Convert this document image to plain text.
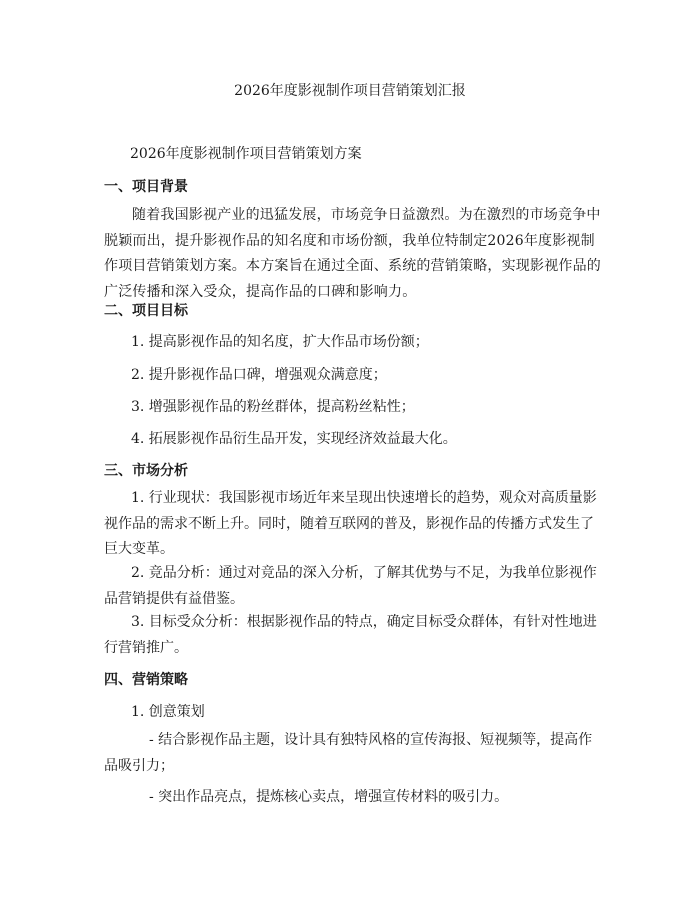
2026年度影视制作项目营销策划汇报
2026年度影视制作项目营销策划方案
一、项目背景
随着我国影视产业的迅猛发展，市场竞争日益激烈。为在激烈的市场竞争中脱颖而出，提升影视作品的知名度和市场份额，我单位特制定2026年度影视制作项目营销策划方案。本方案旨在通过全面、系统的营销策略，实现影视作品的广泛传播和深入受众，提高作品的口碑和影响力。
二、项目目标
1. 提高影视作品的知名度，扩大作品市场份额；
2. 提升影视作品口碑，增强观众满意度；
3. 增强影视作品的粉丝群体，提高粉丝粘性；
4. 拓展影视作品衍生品开发，实现经济效益最大化。
三、市场分析
1. 行业现状：我国影视市场近年来呈现出快速增长的趋势，观众对高质量影视作品的需求不断上升。同时，随着互联网的普及，影视作品的传播方式发生了巨大变革。
2. 竞品分析：通过对竞品的深入分析，了解其优势与不足，为我单位影视作品营销提供有益借鉴。
3. 目标受众分析：根据影视作品的特点，确定目标受众群体，有针对性地进行营销推广。
四、营销策略
1. 创意策划
- 结合影视作品主题，设计具有独特风格的宣传海报、短视频等，提高作品吸引力；
- 突出作品亮点，提炼核心卖点，增强宣传材料的吸引力。
